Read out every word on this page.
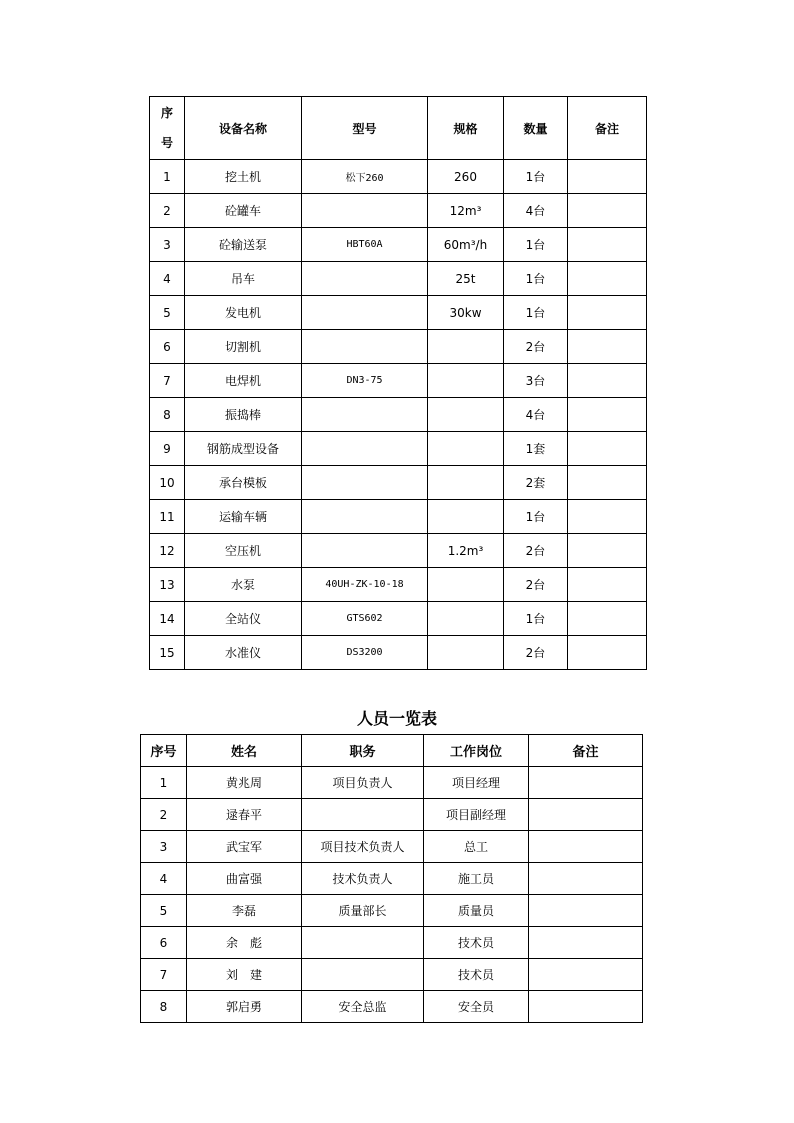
序
号	设备名称	型号	规格	数量	备注
1	挖土机	松下260	260	1台	
2	砼罐车		12m³	4台	
3	砼输送泵	HBT60A	60m³/h	1台	
4	吊车		25t	1台	
5	发电机		30kw	1台	
6	切割机			2台	
7	电焊机	DN3-75		3台	
8	振捣棒			4台	
9	钢筋成型设备			1套	
10	承台模板			2套	
11	运输车辆			1台	
12	空压机		1.2m³	2台	
13	水泵	40UH-ZK-10-18		2台	
14	全站仪	GTS602		1台	
15	水准仪	DS3200		2台	
人员一览表
序号	姓名	职务	工作岗位	备注
1	黄兆周	项目负责人	项目经理	
2	逯春平		项目副经理	
3	武宝军	项目技术负责人	总工	
4	曲富强	技术负责人	施工员	
5	李磊	质量部长	质量员	
6	余　彪		技术员	
7	刘　建		技术员	
8	郭启勇	安全总监	安全员	
